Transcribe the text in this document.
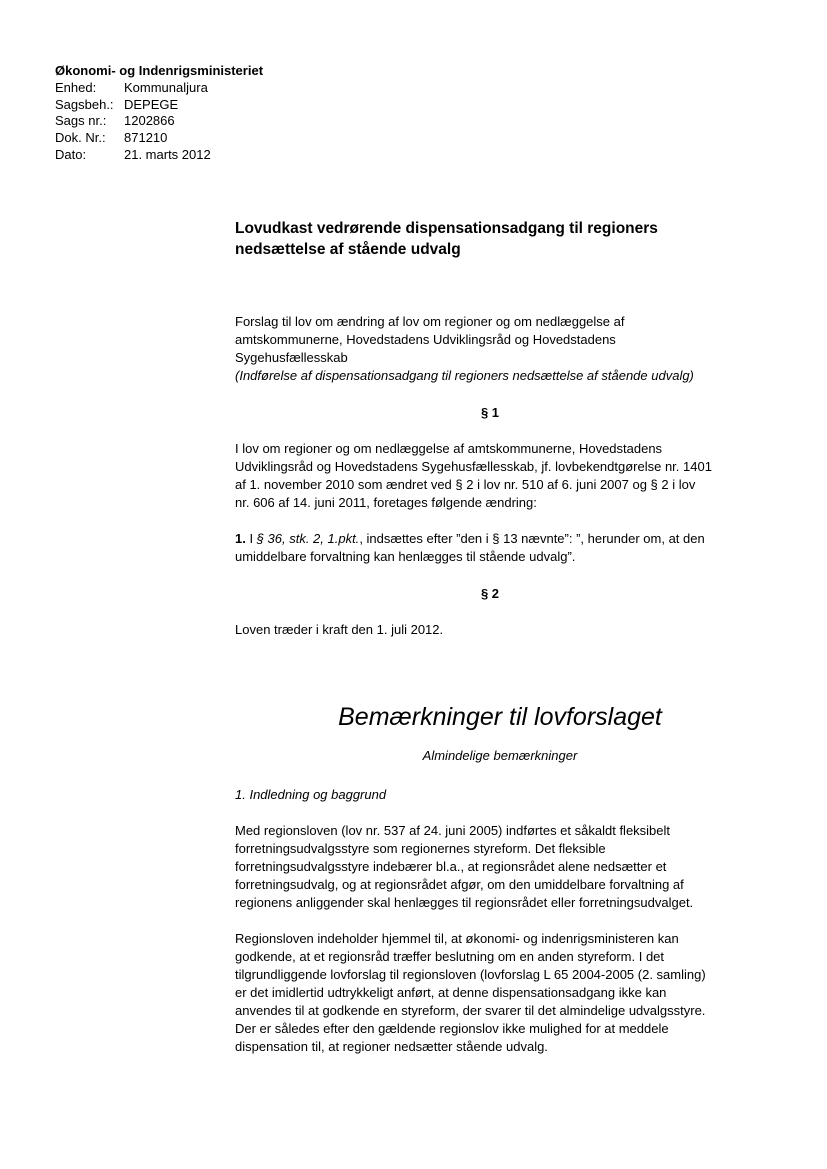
Økonomi- og Indenrigsministeriet
Enhed:	Kommunaljura
Sagsbeh.: DEPEGE
Sags nr.:	1202866
Dok. Nr.:	871210
Dato:	21. marts 2012
Lovudkast vedrørende dispensationsadgang til regioners
nedsættelse af stående udvalg
Forslag til lov om ændring af lov om regioner og om nedlæggelse af
amtskommunerne, Hovedstadens Udviklingsråd og Hovedstadens
Sygehusfællesskab
(Indførelse af dispensationsadgang til regioners nedsættelse af stående udvalg)
§ 1
I lov om regioner og om nedlæggelse af amtskommunerne, Hovedstadens
Udviklingsråd og Hovedstadens Sygehusfællesskab, jf. lovbekendtgørelse nr. 1401
af 1. november 2010 som ændret ved § 2 i lov nr. 510 af 6. juni 2007 og § 2 i lov
nr. 606 af 14. juni 2011, foretages følgende ændring:
1. I § 36, stk. 2, 1.pkt., indsættes efter ”den i § 13 nævnte”: ”, herunder om, at den
umiddelbare forvaltning kan henlægges til stående udvalg”.
§ 2
Loven træder i kraft den 1. juli 2012.
Bemærkninger til lovforslaget
Almindelige bemærkninger
1. Indledning og baggrund
Med regionsloven (lov nr. 537 af 24. juni 2005) indførtes et såkaldt fleksibelt
forretningsudvalgsstyre som regionernes styreform. Det fleksible
forretningsudvalgsstyre indebærer bl.a., at regionsrådet alene nedsætter et
forretningsudvalg, og at regionsrådet afgør, om den umiddelbare forvaltning af
regionens anliggender skal henlægges til regionsrådet eller forretningsudvalget.
Regionsloven indeholder hjemmel til, at økonomi- og indenrigsministeren kan
godkende, at et regionsråd træffer beslutning om en anden styreform. I det
tilgrundliggende lovforslag til regionsloven (lovforslag L 65 2004-2005 (2. samling)
er det imidlertid udtrykkeligt anført, at denne dispensationsadgang ikke kan
anvendes til at godkende en styreform, der svarer til det almindelige udvalgsstyre.
Der er således efter den gældende regionslov ikke mulighed for at meddele
dispensation til, at regioner nedsætter stående udvalg.
